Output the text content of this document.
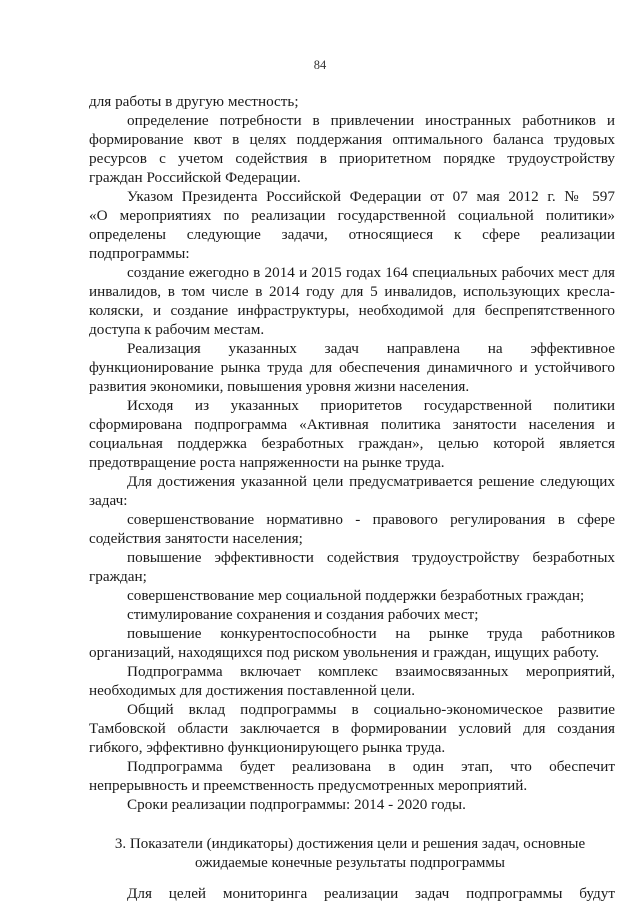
84
для работы в другую местность;
определение потребности в привлечении иностранных работников и
формирование квот в целях поддержания оптимального баланса трудовых
ресурсов с учетом содействия в приоритетном порядке трудоустройству
граждан Российской Федерации.
Указом Президента Российской Федерации от 07 мая 2012 г. № 597
«О мероприятиях по реализации государственной социальной политики»
определены следующие задачи, относящиеся к сфере реализации
подпрограммы:
создание ежегодно в 2014 и 2015 годах 164 специальных рабочих мест для
инвалидов, в том числе в 2014 году для 5 инвалидов, использующих кресла-
коляски, и создание инфраструктуры, необходимой для беспрепятственного
доступа к рабочим местам.
Реализация указанных задач направлена на эффективное
функционирование рынка труда для обеспечения динамичного и устойчивого
развития экономики, повышения уровня жизни населения.
Исходя из указанных приоритетов государственной политики
сформирована подпрограмма «Активная политика занятости населения и
социальная поддержка безработных граждан», целью которой является
предотвращение роста напряженности на рынке труда.
Для достижения указанной цели предусматривается решение следующих
задач:
совершенствование нормативно - правового регулирования в сфере
содействия занятости населения;
повышение эффективности содействия трудоустройству безработных
граждан;
совершенствование мер социальной поддержки безработных граждан;
стимулирование сохранения и создания рабочих мест;
повышение конкурентоспособности на рынке труда работников
организаций, находящихся под риском увольнения и граждан, ищущих работу.
Подпрограмма включает комплекс взаимосвязанных мероприятий,
необходимых для достижения поставленной цели.
Общий вклад подпрограммы в социально-экономическое развитие
Тамбовской области заключается в формировании условий для создания
гибкого, эффективно функционирующего рынка труда.
Подпрограмма будет реализована в один этап, что обеспечит
непрерывность и преемственность предусмотренных мероприятий.
Сроки реализации подпрограммы: 2014 - 2020 годы.
3. Показатели (индикаторы) достижения цели и решения задач, основные
ожидаемые конечные результаты подпрограммы
Для целей мониторинга реализации задач подпрограммы будут
